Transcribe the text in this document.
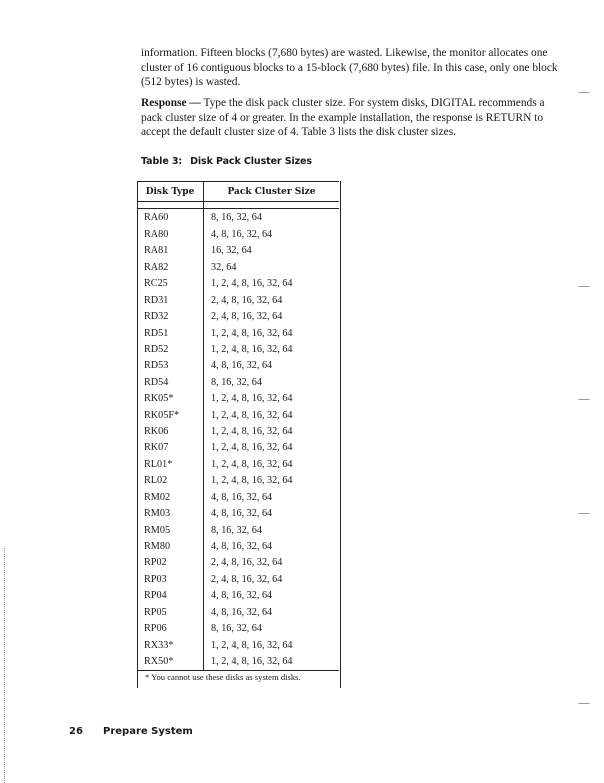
—
—
—
—
—

information. Fifteen blocks (7,680 bytes) are wasted. Likewise, the monitor allocates one cluster of 16 contiguous blocks to a 15-block (7,680 bytes) file. In this case, only one block (512 bytes) is wasted.

Response — Type the disk pack cluster size. For system disks, DIGITAL recommends a pack cluster size of 4 or greater. In the example installation, the response is RETURN to accept the default cluster size of 4. Table 3 lists the disk cluster sizes.

Table 3: Disk Pack Cluster Sizes
Disk Type	Pack Cluster Size

RA60	8, 16, 32, 64
RA80	4, 8, 16, 32, 64
RA81	16, 32, 64
RA82	32, 64
RC25	1, 2, 4, 8, 16, 32, 64
RD31	2, 4, 8, 16, 32, 64
RD32	2, 4, 8, 16, 32, 64
RD51	1, 2, 4, 8, 16, 32, 64
RD52	1, 2, 4, 8, 16, 32, 64
RD53	4, 8, 16, 32, 64
RD54	8, 16, 32, 64
RK05*	1, 2, 4, 8, 16, 32, 64
RK05F*	1, 2, 4, 8, 16, 32, 64
RK06	1, 2, 4, 8, 16, 32, 64
RK07	1, 2, 4, 8, 16, 32, 64
RL01*	1, 2, 4, 8, 16, 32, 64
RL02	1, 2, 4, 8, 16, 32, 64
RM02	4, 8, 16, 32, 64
RM03	4, 8, 16, 32, 64
RM05	8, 16, 32, 64
RM80	4, 8, 16, 32, 64
RP02	2, 4, 8, 16, 32, 64
RP03	2, 4, 8, 16, 32, 64
RP04	4, 8, 16, 32, 64
RP05	4, 8, 16, 32, 64
RP06	8, 16, 32, 64
RX33*	1, 2, 4, 8, 16, 32, 64
RX50*	1, 2, 4, 8, 16, 32, 64
* You cannot use these disks as system disks.
26 Prepare System
